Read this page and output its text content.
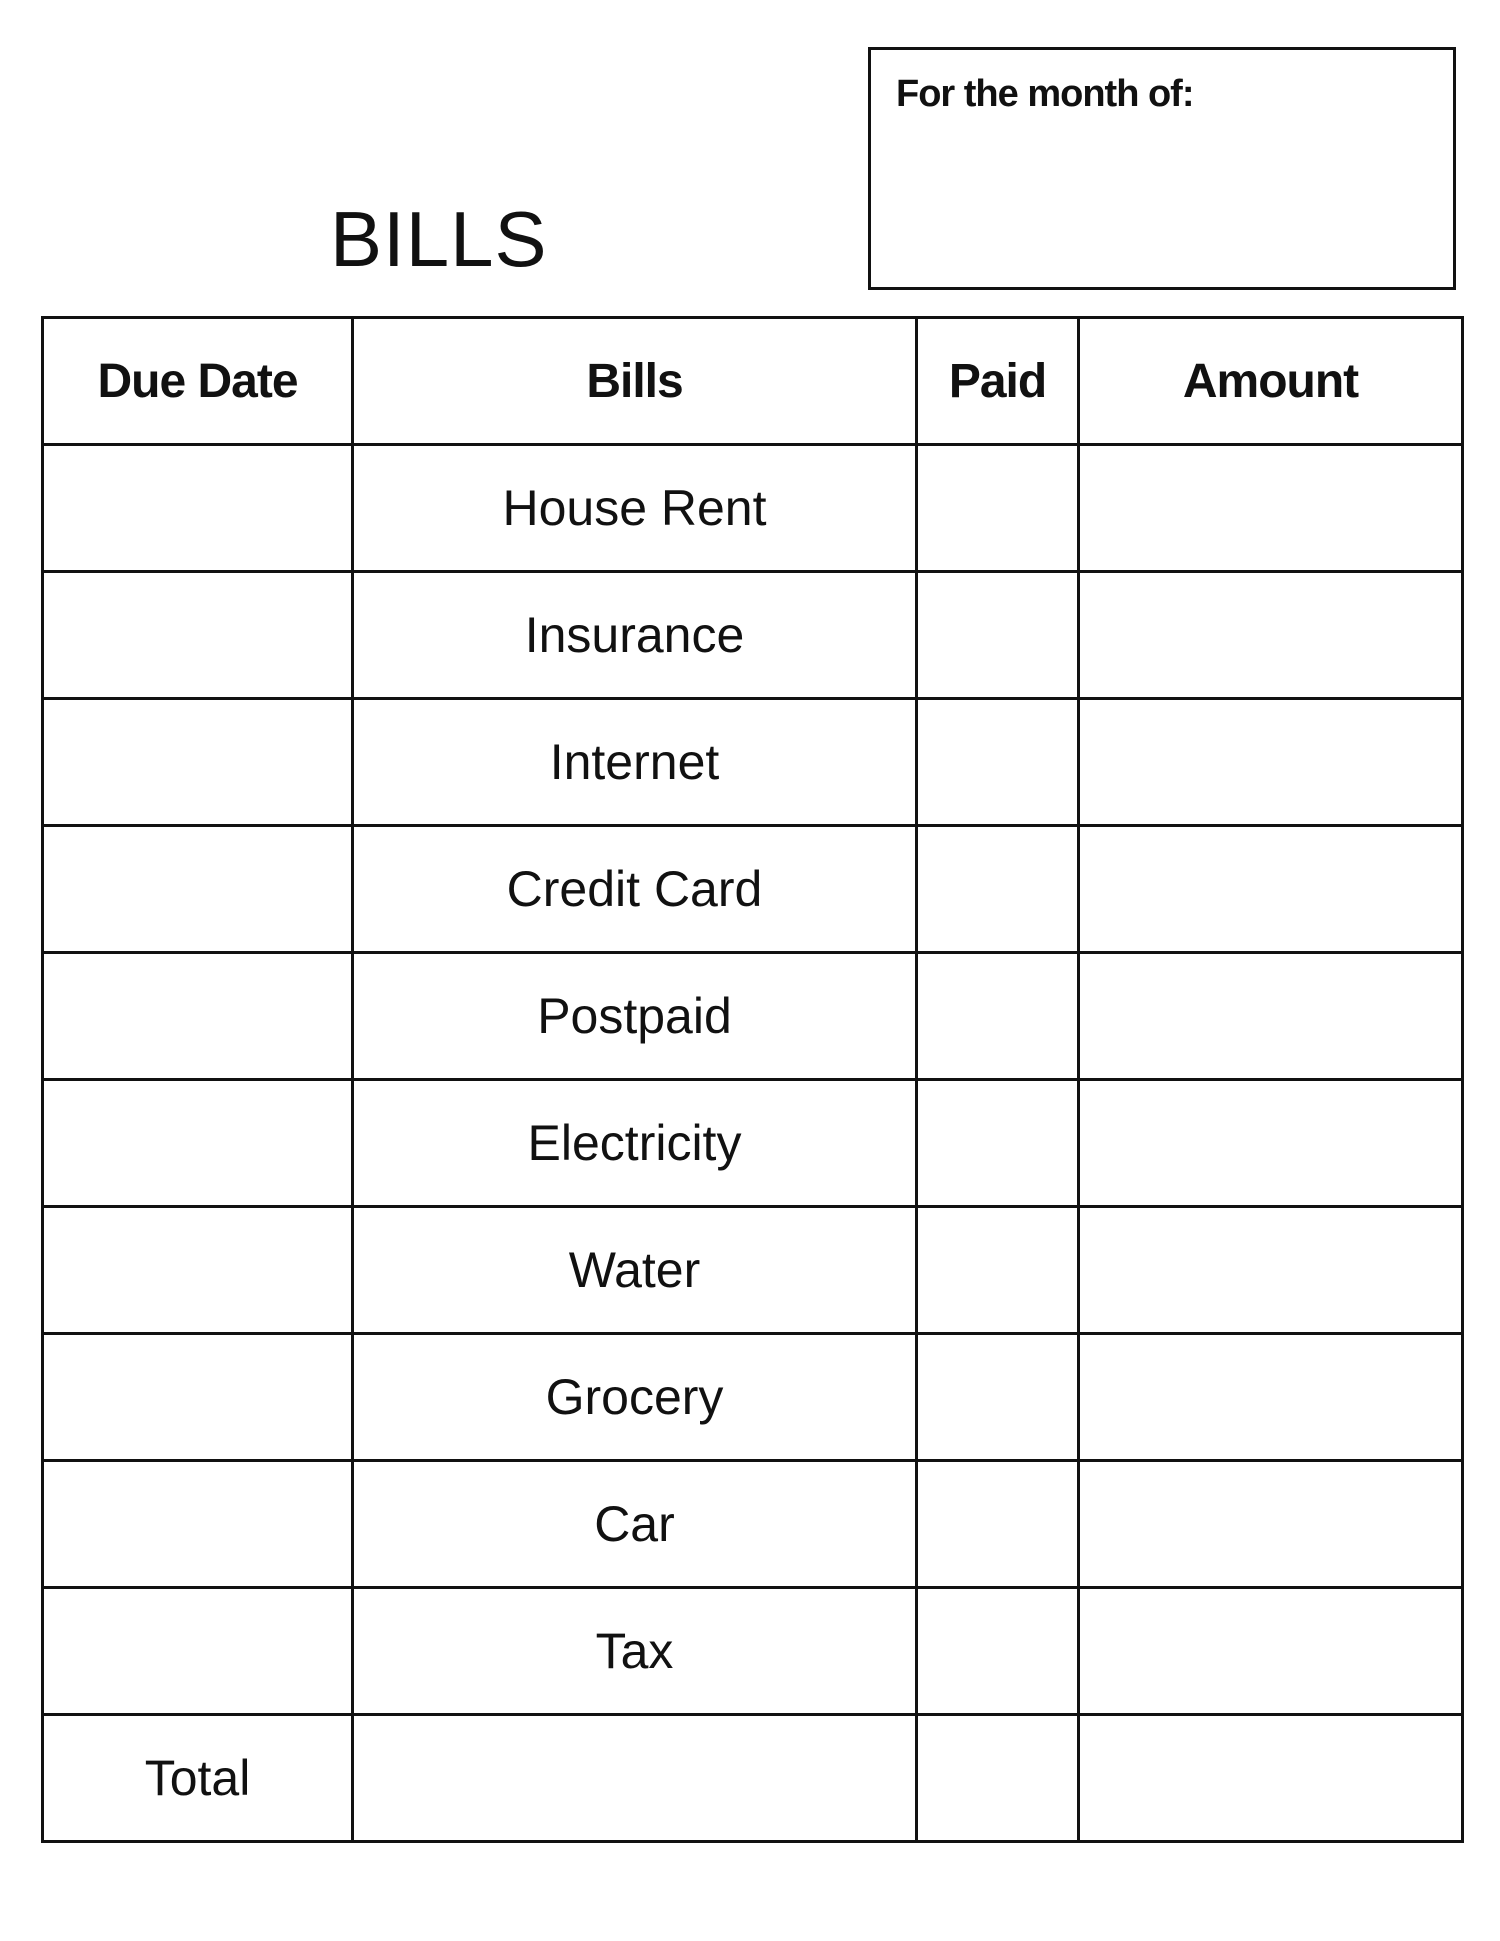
BILLS
For the month of:
Due Date	Bills	Paid	Amount
	House Rent		
	Insurance		
	Internet		
	Credit Card		
	Postpaid		
	Electricity		
	Water		
	Grocery		
	Car		
	Tax		
Total			
